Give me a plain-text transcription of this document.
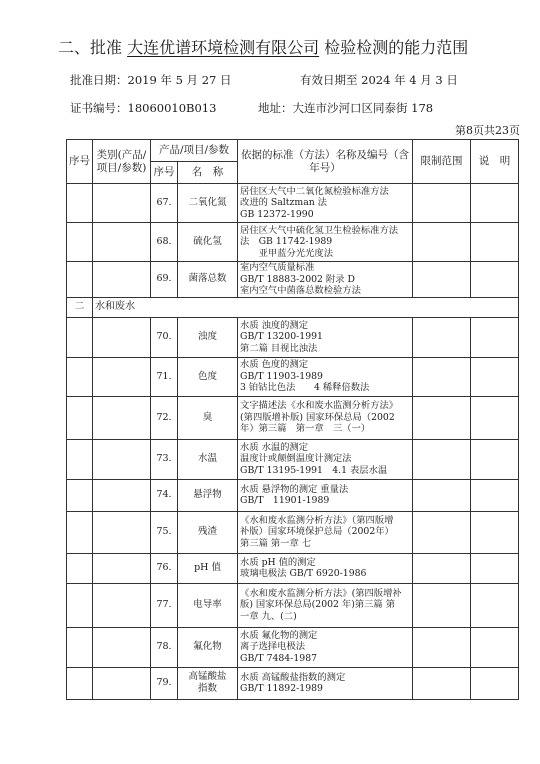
二、批准 大连优谱环境检测有限公司 检验检测的能力范围
批准日期：2019 年 5 月 27 日	有效日期至 2024 年 4 月 3 日
证书编号：18060010B013	地址：大连市沙河口区同泰街 178
第8页共23页
序号	类别(产品/项目/参数)	产品/项目/参数		依据的标准（方法）名称及编号（含年号）	限制范围	说　明
		序号	名　称			
		67.	二氧化氮	居住区大气中二氧化氮检验标准方法
改进的 Saltzman 法
GB 12372-1990		

		68.	硫化氢	居住区大气中硫化氢卫生检验标准方法
法　GB 11742-1989
　　亚甲蓝分光光度法		

		69.	菌落总数	室内空气质量标准
GB/T 18883-2002 附录 D
室内空气中菌落总数检验方法		

二	水和废水					
		70.	浊度	水质 浊度的测定
GB/T 13200-1991
第二篇 目视比浊法		

		71.	色度	水质 色度的测定
GB/T 11903-1989
3 铂钴比色法　　4 稀释倍数法		

		72.	臭	文字描述法《水和废水监测分析方法》
(第四版增补版) 国家环保总局（2002
年）第三篇　第一章　三（一）		

		73.	水温	水质 水温的测定
温度计或颠倒温度计测定法
GB/T 13195-1991　4.1 表层水温		

		74.	悬浮物	水质 悬浮物的测定 重量法
GB/T　11901-1989		

		75.	残渣	《水和废水监测分析方法》（第四版增
补版）国家环境保护总局（2002年）
第三篇 第一章 七		

		76.	pH 值	水质 pH 值的测定
玻璃电极法 GB/T 6920-1986		

		77.	电导率	《水和废水监测分析方法》(第四版增补
版) 国家环保总局(2002 年)第三篇 第
一章 九、(二)		

		78.	氟化物	水质 氟化物的测定
离子选择电极法
GB/T 7484-1987		

		79.	高锰酸盐
指数	水质 高锰酸盐指数的测定
GB/T 11892-1989		
